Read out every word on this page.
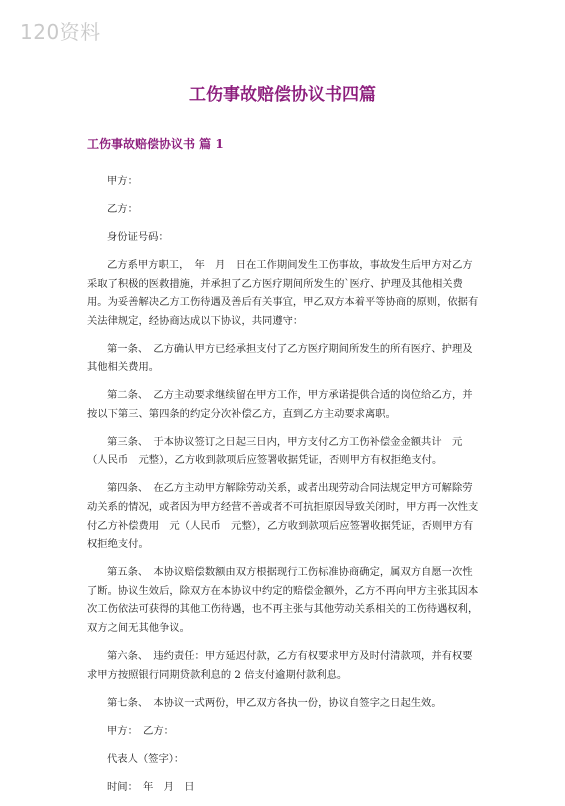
120资料
工伤事故赔偿协议书四篇
工伤事故赔偿协议书 篇 1

甲方：

乙方：

身份证号码：

乙方系甲方职工，　年　月　日在工作期间发生工伤事故，事故发生后甲方对乙方采取了积极的医救措施，并承担了乙方医疗期间所发生的`医疗、护理及其他相关费用。为妥善解决乙方工伤待遇及善后有关事宜，甲乙双方本着平等协商的原则，依据有关法律规定，经协商达成以下协议，共同遵守：

第一条、　乙方确认甲方已经承担支付了乙方医疗期间所发生的所有医疗、护理及其他相关费用。

第二条、　乙方主动要求继续留在甲方工作，甲方承诺提供合适的岗位给乙方，并按以下第三、第四条的约定分次补偿乙方，直到乙方主动要求离职。

第三条、　于本协议签订之日起三日内，甲方支付乙方工伤补偿金金额共计　元（人民币　元整），乙方收到款项后应签署收据凭证，否则甲方有权拒绝支付。

第四条、　在乙方主动甲方解除劳动关系，或者出现劳动合同法规定甲方可解除劳动关系的情况，或者因为甲方经营不善或者不可抗拒原因导致关闭时，甲方再一次性支付乙方补偿费用　元（人民币　元整），乙方收到款项后应签署收据凭证，否则甲方有权拒绝支付。

第五条、　本协议赔偿数额由双方根据现行工伤标准协商确定，属双方自愿一次性了断。协议生效后，除双方在本协议中约定的赔偿金额外，乙方不再向甲方主张其因本次工伤依法可获得的其他工伤待遇，也不再主张与其他劳动关系相关的工伤待遇权利，双方之间无其他争议。

第六条、　违约责任：甲方延迟付款，乙方有权要求甲方及时付清款项，并有权要求甲方按照银行同期贷款利息的 2 倍支付逾期付款利息。

第七条、　本协议一式两份，甲乙双方各执一份，协议自签字之日起生效。

甲方：　乙方：

代表人（签字）：

时间：　年　月　日
